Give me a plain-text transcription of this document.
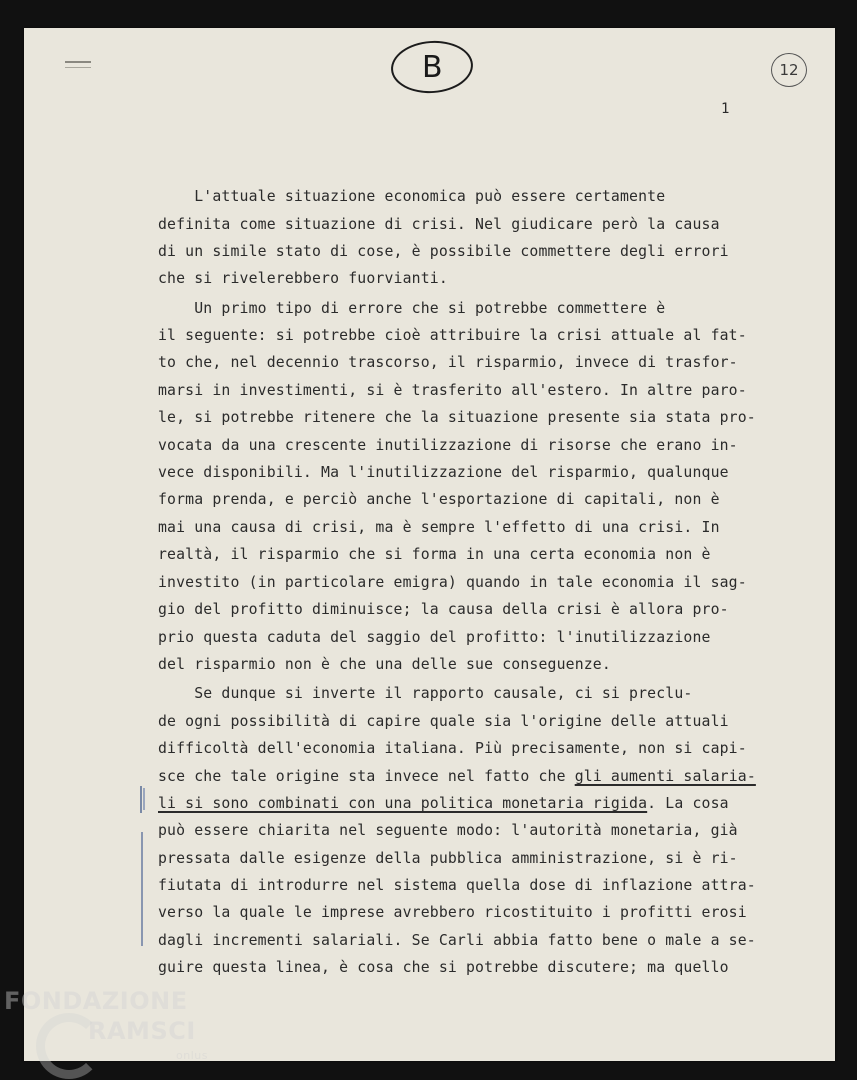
B	12
1
L'attuale situazione economica può essere certamente
definita come situazione di crisi. Nel giudicare però la causa
di un simile stato di cose, è possibile commettere degli errori
che si rivelerebbero fuorvianti.
Un primo tipo di errore che si potrebbe commettere è
il seguente: si potrebbe cioè attribuire la crisi attuale al fat-
to che, nel decennio trascorso, il risparmio, invece di trasfor-
marsi in investimenti, si è trasferito all'estero. In altre paro-
le, si potrebbe ritenere che la situazione presente sia stata pro-
vocata da una crescente inutilizzazione di risorse che erano in-
vece disponibili. Ma l'inutilizzazione del risparmio, qualunque
forma prenda, e perciò anche l'esportazione di capitali, non è
mai una causa di crisi, ma è sempre l'effetto di una crisi. In
realtà, il risparmio che si forma in una certa economia non è
investito (in particolare emigra) quando in tale economia il sag-
gio del profitto diminuisce; la causa della crisi è allora pro-
prio questa caduta del saggio del profitto: l'inutilizzazione
del risparmio non è che una delle sue conseguenze.
Se dunque si inverte il rapporto causale, ci si preclu-
de ogni possibilità di capire quale sia l'origine delle attuali
difficoltà dell'economia italiana. Più precisamente, non si capi-
sce che tale origine sta invece nel fatto che gli aumenti salaria-
li si sono combinati con una politica monetaria rigida. La cosa
può essere chiarita nel seguente modo: l'autorità monetaria, già
pressata dalle esigenze della pubblica amministrazione, si è ri-
fiutata di introdurre nel sistema quella dose di inflazione attra-
verso la quale le imprese avrebbero ricostituito i profitti erosi
dagli incrementi salariali. Se Carli abbia fatto bene o male a se-
guire questa linea, è cosa che si potrebbe discutere; ma quello
FONDAZIONE
RAMSCI
onlus
